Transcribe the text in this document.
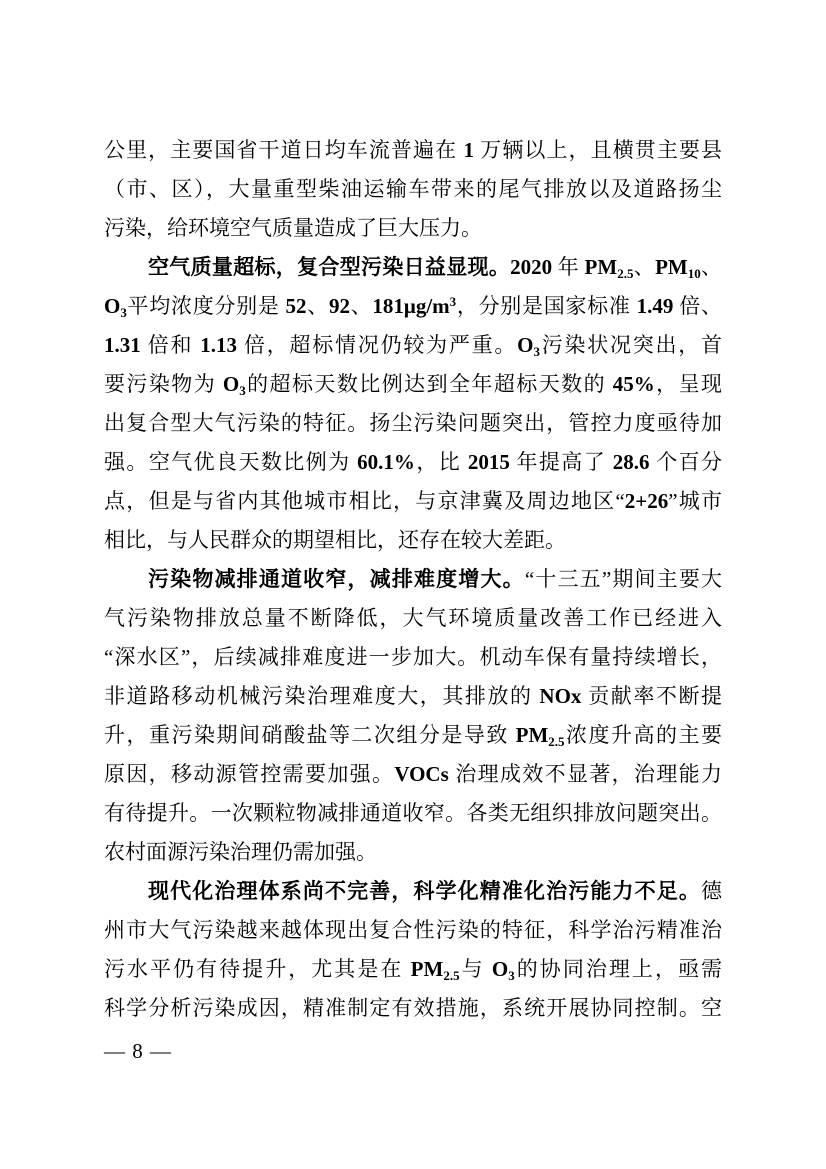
公里，主要国省干道日均车流普遍在 1 万辆以上，且横贯主要县
（市、区），大量重型柴油运输车带来的尾气排放以及道路扬尘
污染，给环境空气质量造成了巨大压力。
空气质量超标，复合型污染日益显现。2020 年 PM2.5、PM10、
O3平均浓度分别是 52、92、$181\mu g/m^3$，分别是国家标准 1.49 倍、
1.31 倍和 1.13 倍，超标情况仍较为严重。O3污染状况突出，首
要污染物为 O3的超标天数比例达到全年超标天数的 45%，呈现
出复合型大气污染的特征。扬尘污染问题突出，管控力度亟待加
强。空气优良天数比例为 60.1%，比 2015 年提高了 28.6 个百分
点，但是与省内其他城市相比，与京津冀及周边地区“2+26”城市
相比，与人民群众的期望相比，还存在较大差距。
污染物减排通道收窄，减排难度增大。“十三五”期间主要大
气污染物排放总量不断降低，大气环境质量改善工作已经进入
“深水区”，后续减排难度进一步加大。机动车保有量持续增长，
非道路移动机械污染治理难度大，其排放的 NOx 贡献率不断提
升，重污染期间硝酸盐等二次组分是导致 PM2.5浓度升高的主要
原因，移动源管控需要加强。VOCs 治理成效不显著，治理能力
有待提升。一次颗粒物减排通道收窄。各类无组织排放问题突出。
农村面源污染治理仍需加强。
现代化治理体系尚不完善，科学化精准化治污能力不足。德
州市大气污染越来越体现出复合性污染的特征，科学治污精准治
污水平仍有待提升，尤其是在 PM2.5与 O3的协同治理上，亟需
科学分析污染成因，精准制定有效措施，系统开展协同控制。空
— 8 —
